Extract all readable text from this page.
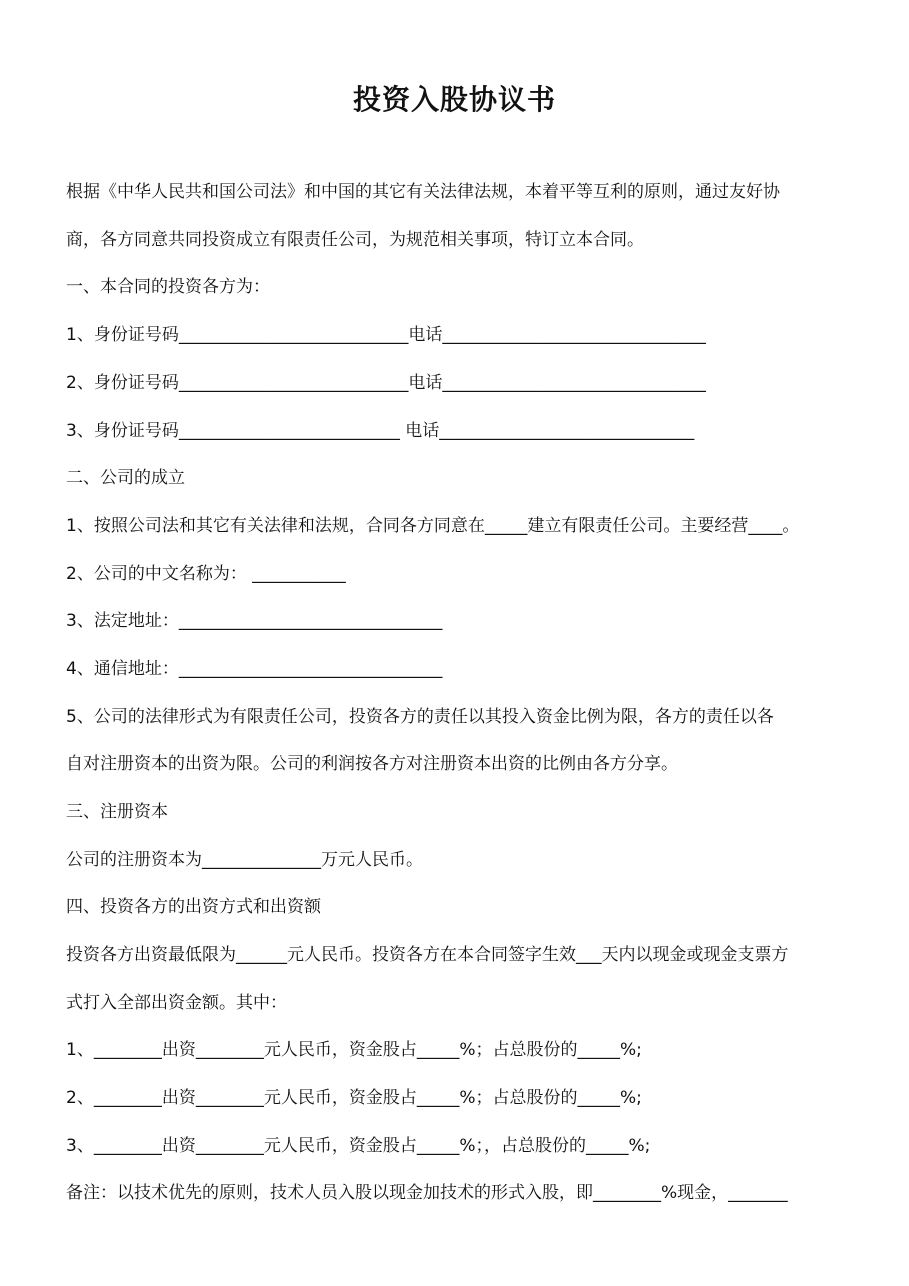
投资入股协议书
根据《中华人民共和国公司法》和中国的其它有关法律法规，本着平等互利的原则，通过友好协
商，各方同意共同投资成立有限责任公司，为规范相关事项，特订立本合同。
一、本合同的投资各方为：
1、身份证号码___________________________电话_______________________________
2、身份证号码___________________________电话_______________________________
3、身份证号码__________________________ 电话______________________________
二、公司的成立
1、按照公司法和其它有关法律和法规，合同各方同意在_____建立有限责任公司。主要经营____。
2、公司的中文名称为： ___________
3、法定地址：_______________________________
4、通信地址：_______________________________
5、公司的法律形式为有限责任公司，投资各方的责任以其投入资金比例为限，各方的责任以各
自对注册资本的出资为限。公司的利润按各方对注册资本出资的比例由各方分享。
三、注册资本
公司的注册资本为______________万元人民币。
四、投资各方的出资方式和出资额
投资各方出资最低限为______元人民币。投资各方在本合同签字生效___天内以现金或现金支票方
式打入全部出资金额。其中：
1、________出资________元人民币，资金股占_____%；占总股份的_____%;
2、________出资________元人民币，资金股占_____%；占总股份的_____%;
3、________出资________元人民币，资金股占_____%；，占总股份的_____%;
备注：以技术优先的原则，技术人员入股以现金加技术的形式入股，即________%现金，_______
